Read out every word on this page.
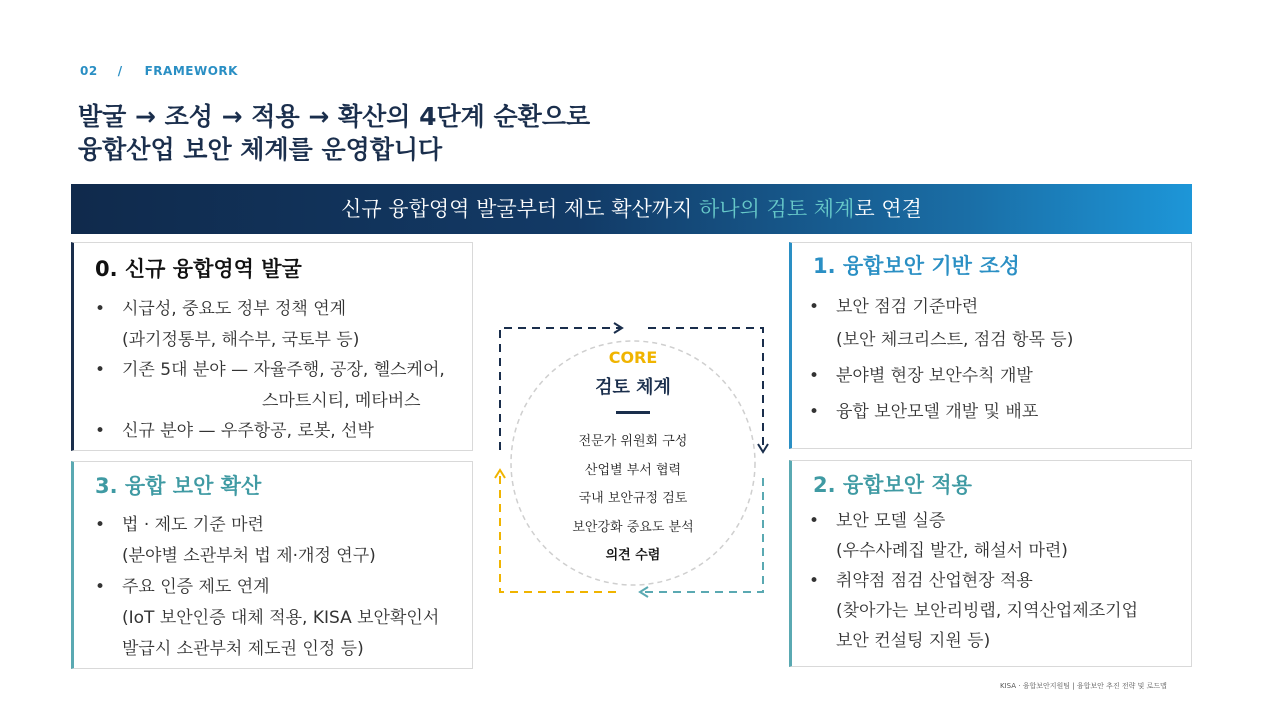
02 / FRAMEWORK
발굴 → 조성 → 적용 → 확산의 4단계 순환으로
융합산업 보안 체계를 운영합니다
신규 융합영역 발굴부터 제도 확산까지 하나의 검토 체계로 연결
0. 신규 융합영역 발굴
• 시급성, 중요도 정부 정책 연계
(과기정통부, 해수부, 국토부 등)
• 기존 5대 분야 — 자율주행, 공장, 헬스케어,
스마트시티, 메타버스
• 신규 분야 — 우주항공, 로봇, 선박
3. 융합 보안 확산
• 법 · 제도 기준 마련
(분야별 소관부처 법 제·개정 연구)
• 주요 인증 제도 연계
(IoT 보안인증 대체 적용, KISA 보안확인서
발급시 소관부처 제도권 인정 등)
1. 융합보안 기반 조성
• 보안 점검 기준마련
(보안 체크리스트, 점검 항목 등)
• 분야별 현장 보안수칙 개발
• 융합 보안모델 개발 및 배포
2. 융합보안 적용
• 보안 모델 실증
(우수사례집 발간, 해설서 마련)
• 취약점 점검 산업현장 적용
(찾아가는 보안리빙랩, 지역산업제조기업
보안 컨설팅 지원 등)
CORE
검토 체계
전문가 위원회 구성
산업별 부서 협력
국내 보안규정 검토
보안강화 중요도 분석
의견 수렴
KISA · 융합보안지원팀 | 융합보안 추진 전략 및 로드맵
